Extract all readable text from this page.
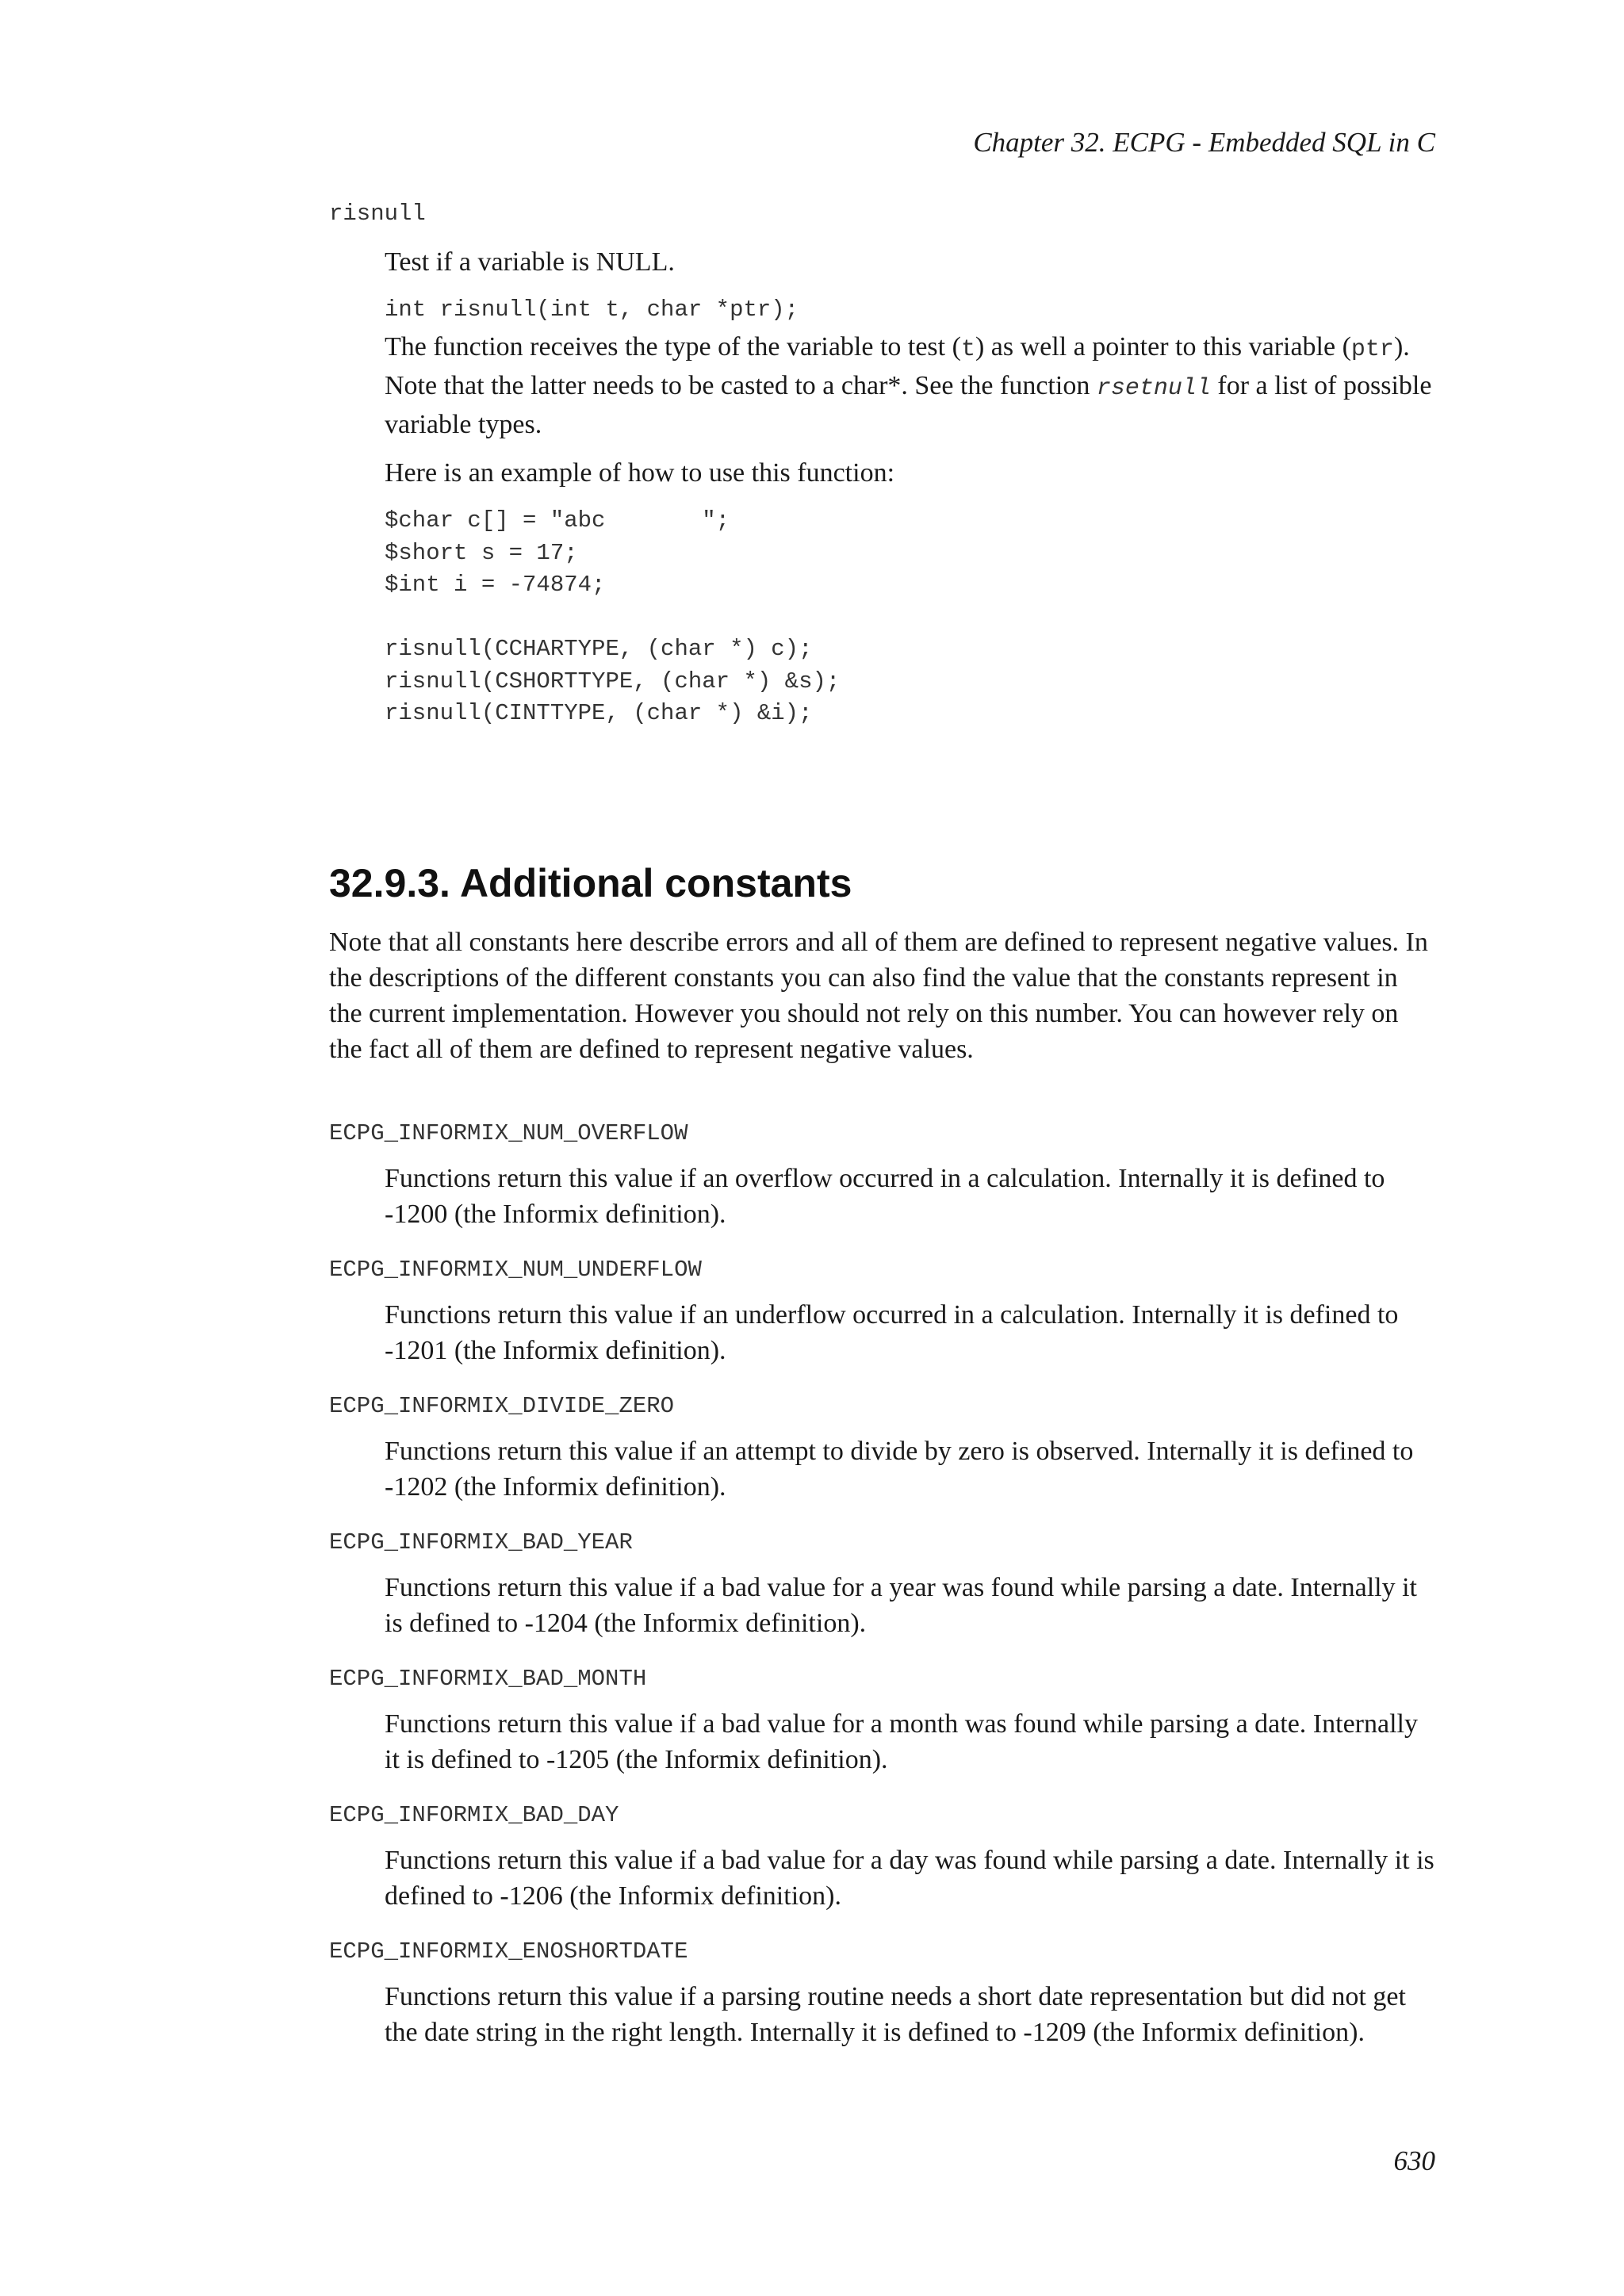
Chapter 32. ECPG - Embedded SQL in C
risnull

Test if a variable is NULL.

int risnull(int t, char *ptr);

The function receives the type of the variable to test (t) as well a pointer to this variable (ptr). Note that the latter needs to be casted to a char*. See the function rsetnull for a list of possible variable types.

Here is an example of how to use this function:

$char c[] = "abc       ";
$short s = 17;
$int i = -74874;

risnull(CCHARTYPE, (char *) c);
risnull(CSHORTTYPE, (char *) &s);
risnull(CINTTYPE, (char *) &i);
32.9.3. Additional constants

Note that all constants here describe errors and all of them are defined to represent negative values. In the descriptions of the different constants you can also find the value that the constants represent in the current implementation. However you should not rely on this number. You can however rely on the fact all of them are defined to represent negative values.

ECPG_INFORMIX_NUM_OVERFLOW

Functions return this value if an overflow occurred in a calculation. Internally it is defined to -1200 (the Informix definition).

ECPG_INFORMIX_NUM_UNDERFLOW

Functions return this value if an underflow occurred in a calculation. Internally it is defined to -1201 (the Informix definition).

ECPG_INFORMIX_DIVIDE_ZERO

Functions return this value if an attempt to divide by zero is observed. Internally it is defined to -1202 (the Informix definition).

ECPG_INFORMIX_BAD_YEAR

Functions return this value if a bad value for a year was found while parsing a date. Internally it is defined to -1204 (the Informix definition).

ECPG_INFORMIX_BAD_MONTH

Functions return this value if a bad value for a month was found while parsing a date. Internally it is defined to -1205 (the Informix definition).

ECPG_INFORMIX_BAD_DAY

Functions return this value if a bad value for a day was found while parsing a date. Internally it is defined to -1206 (the Informix definition).

ECPG_INFORMIX_ENOSHORTDATE

Functions return this value if a parsing routine needs a short date representation but did not get the date string in the right length. Internally it is defined to -1209 (the Informix definition).

630
